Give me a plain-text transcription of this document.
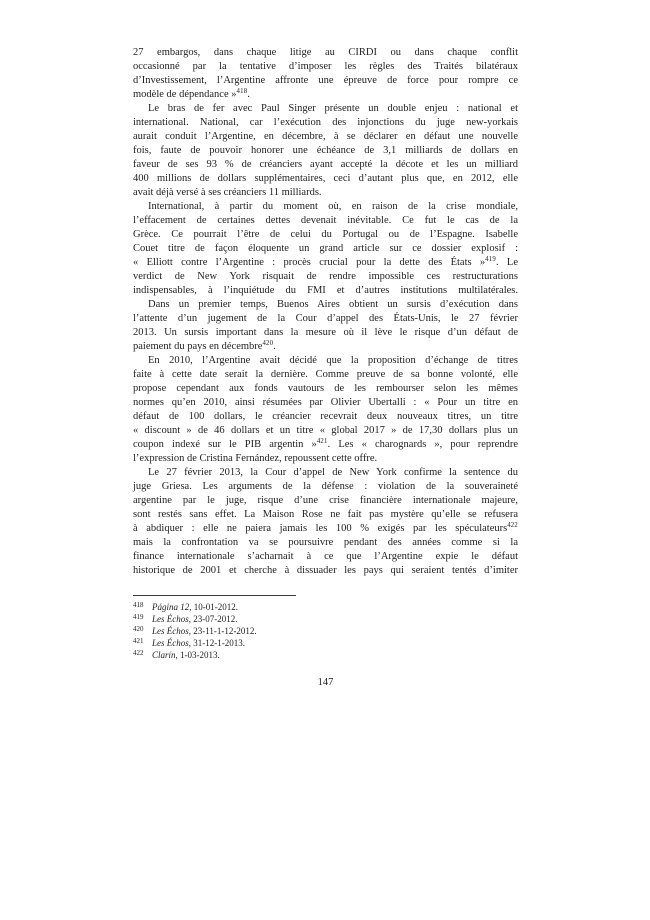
27 embargos, dans chaque litige au CIRDI ou dans chaque conflit
occasionné par la tentative d’imposer les règles des Traités bilatéraux
d’Investissement, l’Argentine affronte une épreuve de force pour rompre ce
modèle de dépendance »$^{418}$.
Le bras de fer avec Paul Singer présente un double enjeu : national et
international. National, car l’exécution des injonctions du juge new-yorkais
aurait conduit l’Argentine, en décembre, à se déclarer en défaut une nouvelle
fois, faute de pouvoir honorer une échéance de 3,1 milliards de dollars en
faveur de ses 93 % de créanciers ayant accepté la décote et les un milliard
400 millions de dollars supplémentaires, ceci d’autant plus que, en 2012, elle
avait déjà versé à ses créanciers 11 milliards.
International, à partir du moment où, en raison de la crise mondiale,
l’effacement de certaines dettes devenait inévitable. Ce fut le cas de la
Grèce. Ce pourrait l’être de celui du Portugal ou de l’Espagne. Isabelle
Couet titre de façon éloquente un grand article sur ce dossier explosif :
« Elliott contre l’Argentine : procès crucial pour la dette des États »$^{419}$. Le
verdict de New York risquait de rendre impossible ces restructurations
indispensables, à l’inquiétude du FMI et d’autres institutions multilatérales.
Dans un premier temps, Buenos Aires obtient un sursis d’exécution dans
l’attente d’un jugement de la Cour d’appel des États-Unis, le 27 février
2013. Un sursis important dans la mesure où il lève le risque d’un défaut de
paiement du pays en décembre$^{420}$.
En 2010, l’Argentine avait décidé que la proposition d’échange de titres
faite à cette date serait la dernière. Comme preuve de sa bonne volonté, elle
propose cependant aux fonds vautours de les rembourser selon les mêmes
normes qu’en 2010, ainsi résumées par Olivier Ubertalli : « Pour un titre en
défaut de 100 dollars, le créancier recevrait deux nouveaux titres, un titre
« discount » de 46 dollars et un titre « global 2017 » de 17,30 dollars plus un
coupon indexé sur le PIB argentin »$^{421}$. Les « charognards », pour reprendre
l’expression de Cristina Fernández, repoussent cette offre.
Le 27 février 2013, la Cour d’appel de New York confirme la sentence du
juge Griesa. Les arguments de la défense : violation de la souveraineté
argentine par le juge, risque d’une crise financière internationale majeure,
sont restés sans effet. La Maison Rose ne fait pas mystère qu’elle se refusera
à abdiquer : elle ne paiera jamais les 100 % exigés par les spéculateurs$^{422}$
mais la confrontation va se poursuivre pendant des années comme si la
finance internationale s’acharnait à ce que l’Argentine expie le défaut
historique de 2001 et cherche à dissuader les pays qui seraient tentés d’imiter
418 Página 12, 10-01-2012.
419 Les Échos, 23-07-2012.
420 Les Échos, 23-11-1-12-2012.
421 Les Échos, 31-12-1-2013.
422 Clarín, 1-03-2013.
147
